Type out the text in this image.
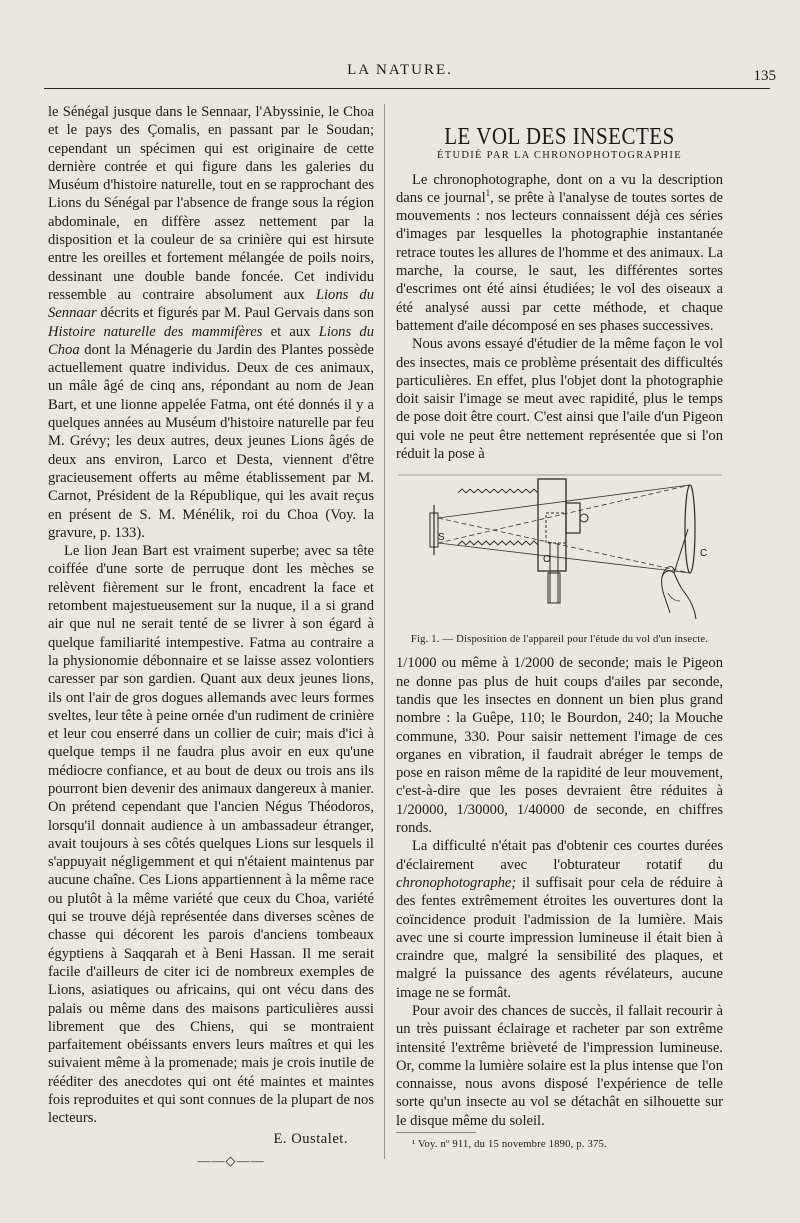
LA NATURE.	135

le Sénégal jusque dans le Sennaar, l'Abyssinie, le Choa et le pays des Çomalis, en passant par le Soudan; cependant un spécimen qui est originaire de cette dernière contrée et qui figure dans les galeries du Muséum d'histoire naturelle, tout en se rapprochant des Lions du Sénégal par l'absence de frange sous la région abdominale, en diffère assez nettement par la disposition et la couleur de sa crinière qui est hirsute entre les oreilles et fortement mélangée de poils noirs, dessinant une double bande foncée. Cet individu ressemble au contraire absolument aux Lions du Sennaar décrits et figurés par M. Paul Gervais dans son Histoire naturelle des mammifères et aux Lions du Choa dont la Ménagerie du Jardin des Plantes possède actuellement quatre individus. Deux de ces animaux, un mâle âgé de cinq ans, répondant au nom de Jean Bart, et une lionne appelée Fatma, ont été donnés il y a quelques années au Muséum d'histoire naturelle par feu M. Grévy; les deux autres, deux jeunes Lions âgés de deux ans environ, Larco et Desta, viennent d'être gracieusement offerts au même établissement par M. Carnot, Président de la République, qui les avait reçus en présent de S. M. Ménélik, roi du Choa (Voy. la gravure, p. 133).

Le lion Jean Bart est vraiment superbe; avec sa tête coiffée d'une sorte de perruque dont les mèches se relèvent fièrement sur le front, encadrent la face et retombent majestueusement sur la nuque, il a si grand air que nul ne serait tenté de se livrer à son égard à quelque familiarité intempestive. Fatma au contraire a la physionomie débonnaire et se laisse assez volontiers caresser par son gardien. Quant aux deux jeunes lions, ils ont l'air de gros dogues allemands avec leurs formes sveltes, leur tête à peine ornée d'un rudiment de crinière et leur cou enserré dans un collier de cuir; mais d'ici à quelque temps il ne faudra plus avoir en eux qu'une médiocre confiance, et au bout de deux ou trois ans ils pourront bien devenir des animaux dangereux à manier. On prétend cependant que l'ancien Négus Théodoros, lorsqu'il donnait audience à un ambassadeur étranger, avait toujours à ses côtés quelques Lions sur lesquels il s'appuyait négligemment et qui n'étaient maintenus par aucune chaîne. Ces Lions appartiennent à la même race ou plutôt à la même variété que ceux du Choa, variété qui se trouve déjà représentée dans diverses scènes de chasse qui décorent les parois d'anciens tombeaux égyptiens à Saqqarah et à Beni Hassan. Il me serait facile d'ailleurs de citer ici de nombreux exemples de Lions, asiatiques ou africains, qui ont vécu dans des palais ou même dans des maisons particulières aussi librement que des Chiens, qui se montraient parfaitement obéissants envers leurs maîtres et qui les suivaient même à la promenade; mais je crois inutile de rééditer des anecdotes qui ont été maintes et maintes fois reproduites et qui sont connues de la plupart de nos lecteurs.

E. Oustalet.

——◇——
LE VOL DES INSECTES
ÉTUDIÉ PAR LA CHRONOPHOTOGRAPHIE

Le chronophotographe, dont on a vu la description dans ce journal$^1$, se prête à l'analyse de toutes sortes de mouvements : nos lecteurs connaissent déjà ces séries d'images par lesquelles la photographie instantanée retrace toutes les allures de l'homme et des animaux. La marche, la course, le saut, les différentes sortes d'escrimes ont été ainsi étudiées; le vol des oiseaux a été analysé aussi par cette méthode, et chaque battement d'aile décomposé en ses phases successives.

Nous avons essayé d'étudier de la même façon le vol des insectes, mais ce problème présentait des difficultés particulières. En effet, plus l'objet dont la photographie doit saisir l'image se meut avec rapidité, plus le temps de pose doit être court. C'est ainsi que l'aile d'un Pigeon qui vole ne peut être nettement représentée que si l'on réduit la pose à

S
O
C
Fig. 1. — Disposition de l'appareil pour l'étude du vol d'un insecte.

1/1000 ou même à 1/2000 de seconde; mais le Pigeon ne donne pas plus de huit coups d'ailes par seconde, tandis que les insectes en donnent un bien plus grand nombre : la Guêpe, 110; le Bourdon, 240; la Mouche commune, 330. Pour saisir nettement l'image de ces organes en vibration, il faudrait abréger le temps de pose en raison même de la rapidité de leur mouvement, c'est-à-dire que les poses devraient être réduites à 1/20000, 1/30000, 1/40000 de seconde, en chiffres ronds.

La difficulté n'était pas d'obtenir ces courtes durées d'éclairement avec l'obturateur rotatif du chronophotographe; il suffisait pour cela de réduire à des fentes extrêmement étroites les ouvertures dont la coïncidence produit l'admission de la lumière. Mais avec une si courte impression lumineuse il était bien à craindre que, malgré la sensibilité des plaques, et malgré la puissance des agents révélateurs, aucune image ne se formât.

Pour avoir des chances de succès, il fallait recourir à un très puissant éclairage et racheter par son extrême intensité l'extrême brièveté de l'impression lumineuse. Or, comme la lumière solaire est la plus intense que l'on connaisse, nous avons disposé l'expérience de telle sorte qu'un insecte au vol se détachât en silhouette sur le disque même du soleil.

¹ Voy. nº 911, du 15 novembre 1890, p. 375.
